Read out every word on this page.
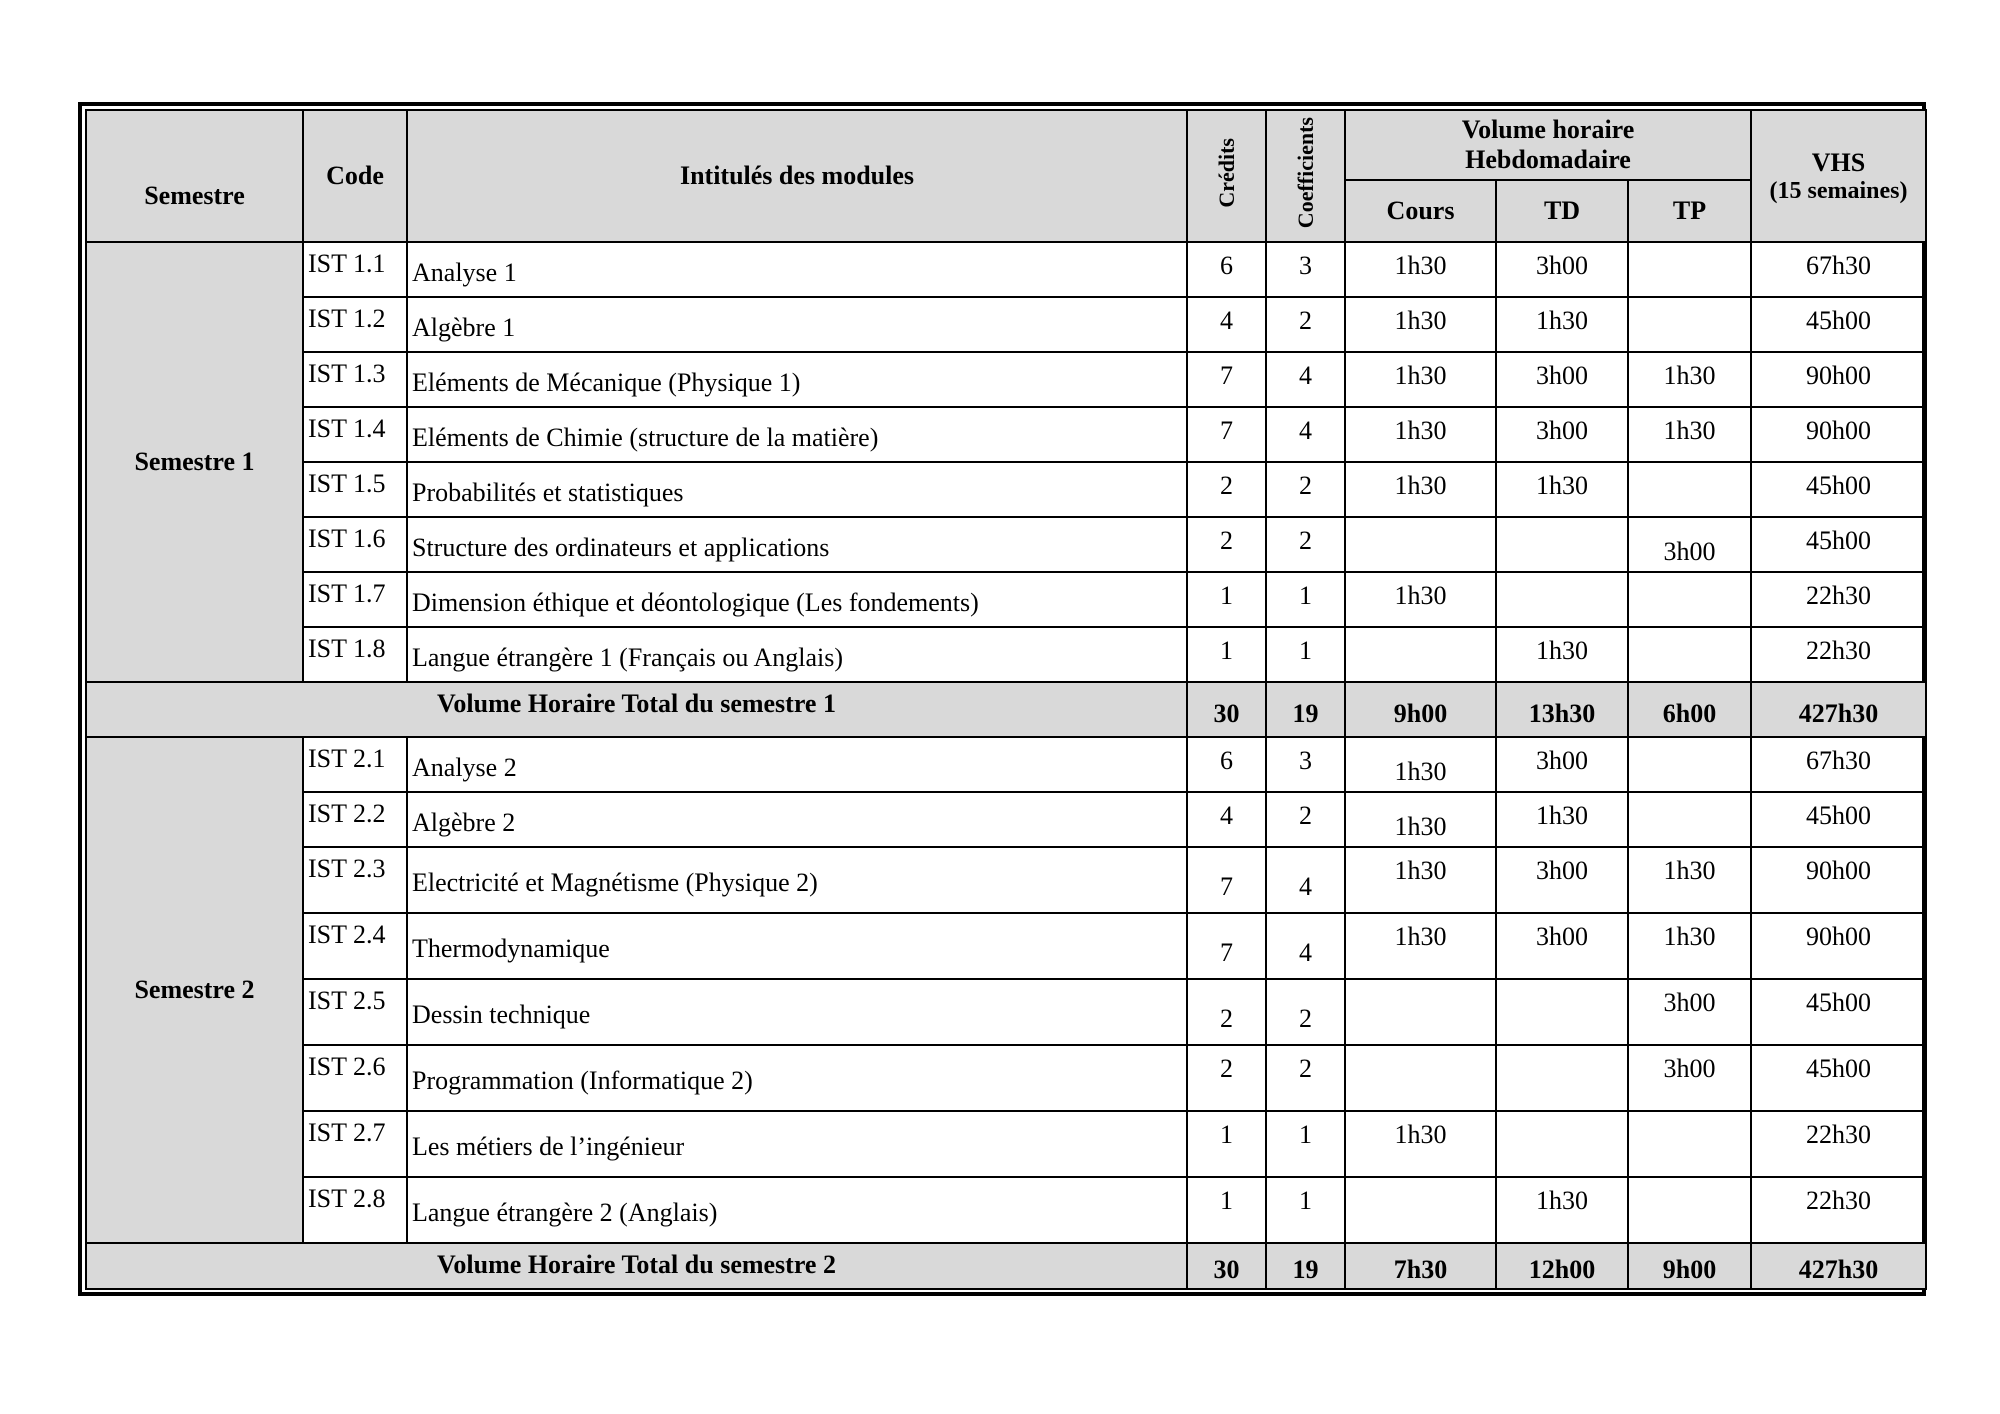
Semestre	Code	Intitulés des modules	Crédits	Coefficients	Volume horaire Hebdomadaire			VHS
(15 semaines)

					Cours	TD	TP	
Semestre 1	IST 1.1	Analyse 1	6	3	1h30	3h00		67h30
	IST 1.2	Algèbre 1	4	2	1h30	1h30		45h00
	IST 1.3	Eléments de Mécanique (Physique 1)	7	4	1h30	3h00	1h30	90h00
	IST 1.4	Eléments de Chimie (structure de la matière)	7	4	1h30	3h00	1h30	90h00
	IST 1.5	Probabilités et statistiques	2	2	1h30	1h30		45h00
	IST 1.6	Structure des ordinateurs et applications	2	2			3h00	45h00
	IST 1.7	Dimension éthique et déontologique (Les fondements)	1	1	1h30			22h30
	IST 1.8	Langue étrangère 1 (Français ou Anglais)	1	1		1h30		22h30
Volume Horaire Total du semestre 1			30	19	9h00	13h30	6h00	427h30
Semestre 2	IST 2.1	Analyse 2	6	3	1h30	3h00		67h30
	IST 2.2	Algèbre 2	4	2	1h30	1h30		45h00
	IST 2.3	Electricité et Magnétisme (Physique 2)	7	4	1h30	3h00	1h30	90h00
	IST 2.4	Thermodynamique	7	4	1h30	3h00	1h30	90h00
	IST 2.5	Dessin technique	2	2			3h00	45h00
	IST 2.6	Programmation (Informatique 2)	2	2			3h00	45h00
	IST 2.7	Les métiers de l’ingénieur	1	1	1h30			22h30
	IST 2.8	Langue étrangère 2 (Anglais)	1	1		1h30		22h30
Volume Horaire Total du semestre 2			30	19	7h30	12h00	9h00	427h30
